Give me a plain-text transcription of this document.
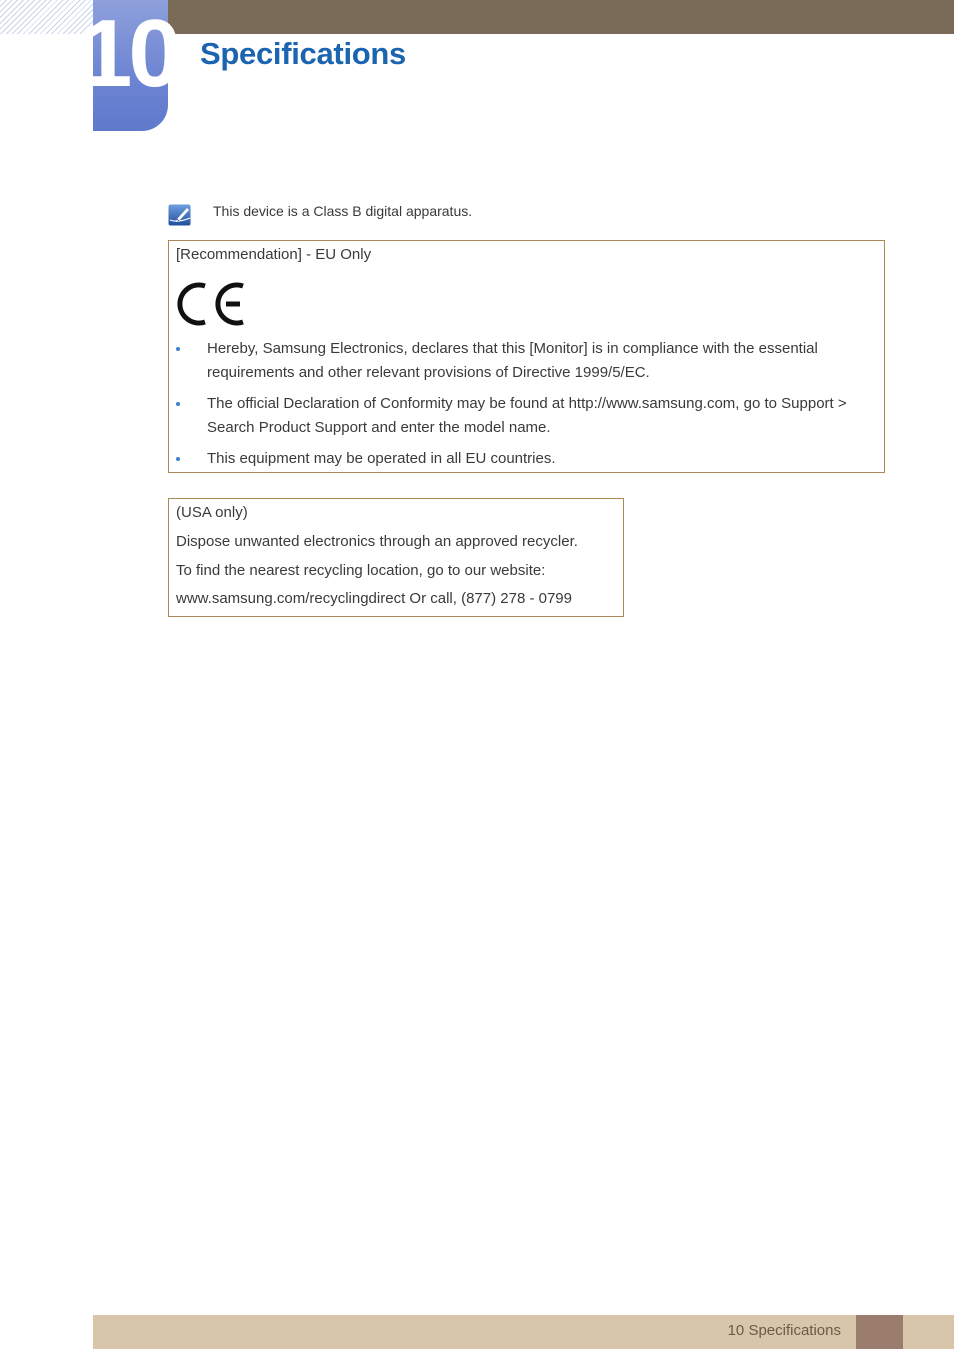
10 Specifications
This device is a Class B digital apparatus.
[Recommendation] - EU Only
Hereby, Samsung Electronics, declares that this [Monitor] is in compliance with the essential requirements and other relevant provisions of Directive 1999/5/EC.
The official Declaration of Conformity may be found at http://www.samsung.com, go to Support > Search Product Support and enter the model name.
This equipment may be operated in all EU countries.
(USA only)
Dispose unwanted electronics through an approved recycler.
To find the nearest recycling location, go to our website:
www.samsung.com/recyclingdirect Or call, (877) 278 - 0799
10 Specifications
